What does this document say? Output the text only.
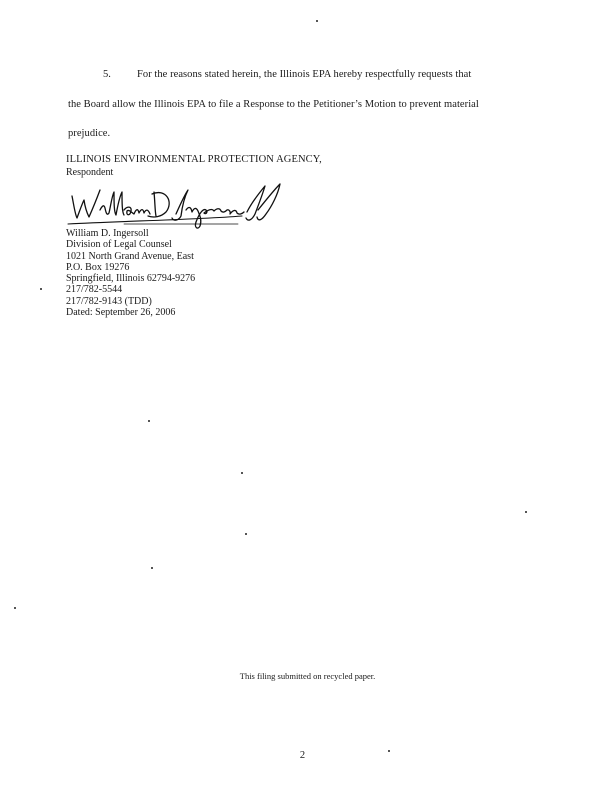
5. For the reasons stated herein, the Illinois EPA hereby respectfully requests that
the Board allow the Illinois EPA to file a Response to the Petitioner’s Motion to prevent material
prejudice.
ILLINOIS ENVIRONMENTAL PROTECTION AGENCY,
Respondent
William D. Ingersoll
Division of Legal Counsel
1021 North Grand Avenue, East
P.O. Box 19276
Springfield, Illinois 62794-9276
217/782-5544
217/782-9143 (TDD)
Dated: September 26, 2006
This filing submitted on recycled paper.
2
